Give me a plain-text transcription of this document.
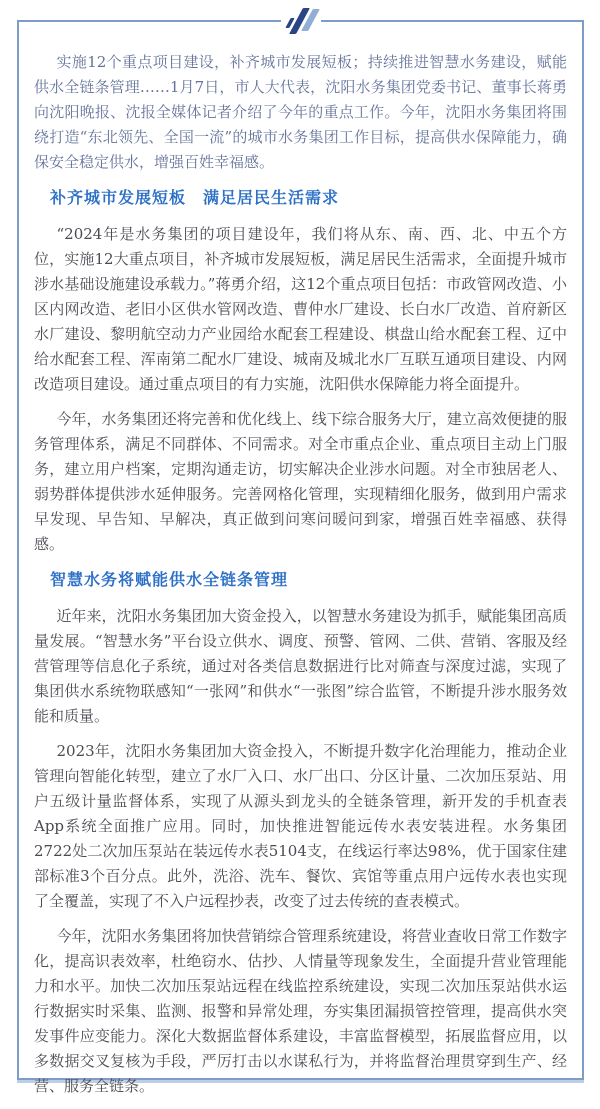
实施12个重点项目建设，补齐城市发展短板；持续推进智慧水务建设，赋能供水全链条管理……1月7日，市人大代表，沈阳水务集团党委书记、董事长蒋勇向沈阳晚报、沈报全媒体记者介绍了今年的重点工作。今年，沈阳水务集团将围绕打造“东北领先、全国一流”的城市水务集团工作目标，提高供水保障能力，确保安全稳定供水，增强百姓幸福感。

补齐城市发展短板　满足居民生活需求

“2024年是水务集团的项目建设年，我们将从东、南、西、北、中五个方位，实施12大重点项目，补齐城市发展短板，满足居民生活需求，全面提升城市涉水基础设施建设承载力。”蒋勇介绍，这12个重点项目包括：市政管网改造、小区内网改造、老旧小区供水管网改造、曹仲水厂建设、长白水厂改造、首府新区水厂建设、黎明航空动力产业园给水配套工程建设、棋盘山给水配套工程、辽中给水配套工程、浑南第二配水厂建设、城南及城北水厂互联互通项目建设、内网改造项目建设。通过重点项目的有力实施，沈阳供水保障能力将全面提升。

今年，水务集团还将完善和优化线上、线下综合服务大厅，建立高效便捷的服务管理体系，满足不同群体、不同需求。对全市重点企业、重点项目主动上门服务，建立用户档案，定期沟通走访，切实解决企业涉水问题。对全市独居老人、弱势群体提供涉水延伸服务。完善网格化管理，实现精细化服务，做到用户需求早发现、早告知、早解决，真正做到问寒问暖问到家，增强百姓幸福感、获得感。

智慧水务将赋能供水全链条管理

近年来，沈阳水务集团加大资金投入，以智慧水务建设为抓手，赋能集团高质量发展。“智慧水务”平台设立供水、调度、预警、管网、二供、营销、客服及经营管理等信息化子系统，通过对各类信息数据进行比对筛查与深度过滤，实现了集团供水系统物联感知“一张网”和供水“一张图”综合监管，不断提升涉水服务效能和质量。

2023年，沈阳水务集团加大资金投入，不断提升数字化治理能力，推动企业管理向智能化转型，建立了水厂入口、水厂出口、分区计量、二次加压泵站、用户五级计量监督体系，实现了从源头到龙头的全链条管理，新开发的手机查表App系统全面推广应用。同时，加快推进智能远传水表安装进程。水务集团2722处二次加压泵站在装远传水表5104支，在线运行率达98%，优于国家住建部标准3个百分点。此外，洗浴、洗车、餐饮、宾馆等重点用户远传水表也实现了全覆盖，实现了不入户远程抄表，改变了过去传统的查表模式。

今年，沈阳水务集团将加快营销综合管理系统建设，将营业查收日常工作数字化，提高识表效率，杜绝窃水、估抄、人情量等现象发生，全面提升营业管理能力和水平。加快二次加压泵站远程在线监控系统建设，实现二次加压泵站供水运行数据实时采集、监测、报警和异常处理，夯实集团漏损管控管理，提高供水突发事件应变能力。深化大数据监督体系建设，丰富监督模型，拓展监督应用，以多数据交叉复核为手段，严厉打击以水谋私行为，并将监督治理贯穿到生产、经营、服务全链条。
